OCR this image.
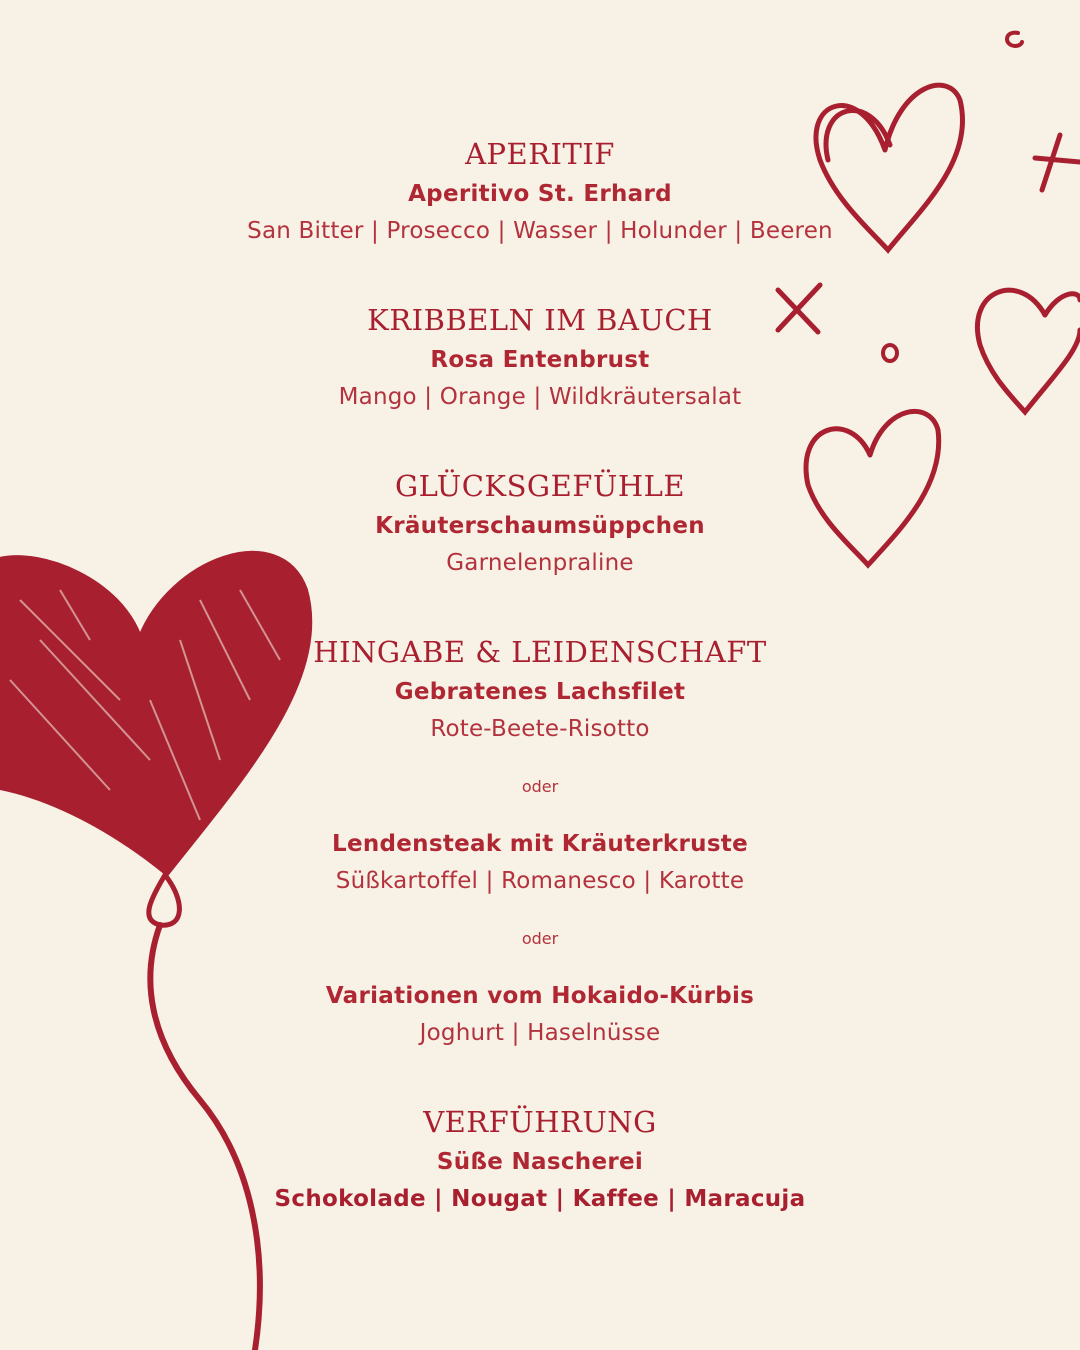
APERITIF
Aperitivo St. Erhard
San Bitter | Prosecco | Wasser | Holunder | Beeren
KRIBBELN IM BAUCH
Rosa Entenbrust
Mango | Orange | Wildkräutersalat
GLÜCKSGEFÜHLE
Kräuterschaumsüppchen
Garnelenpraline
HINGABE & LEIDENSCHAFT
Gebratenes Lachsfilet
Rote-Beete-Risotto
oder
Lendensteak mit Kräuterkruste
Süßkartoffel | Romanesco | Karotte
oder
Variationen vom Hokaido-Kürbis
Joghurt | Haselnüsse
VERFÜHRUNG
Süße Nascherei
Schokolade | Nougat | Kaffee | Maracuja
